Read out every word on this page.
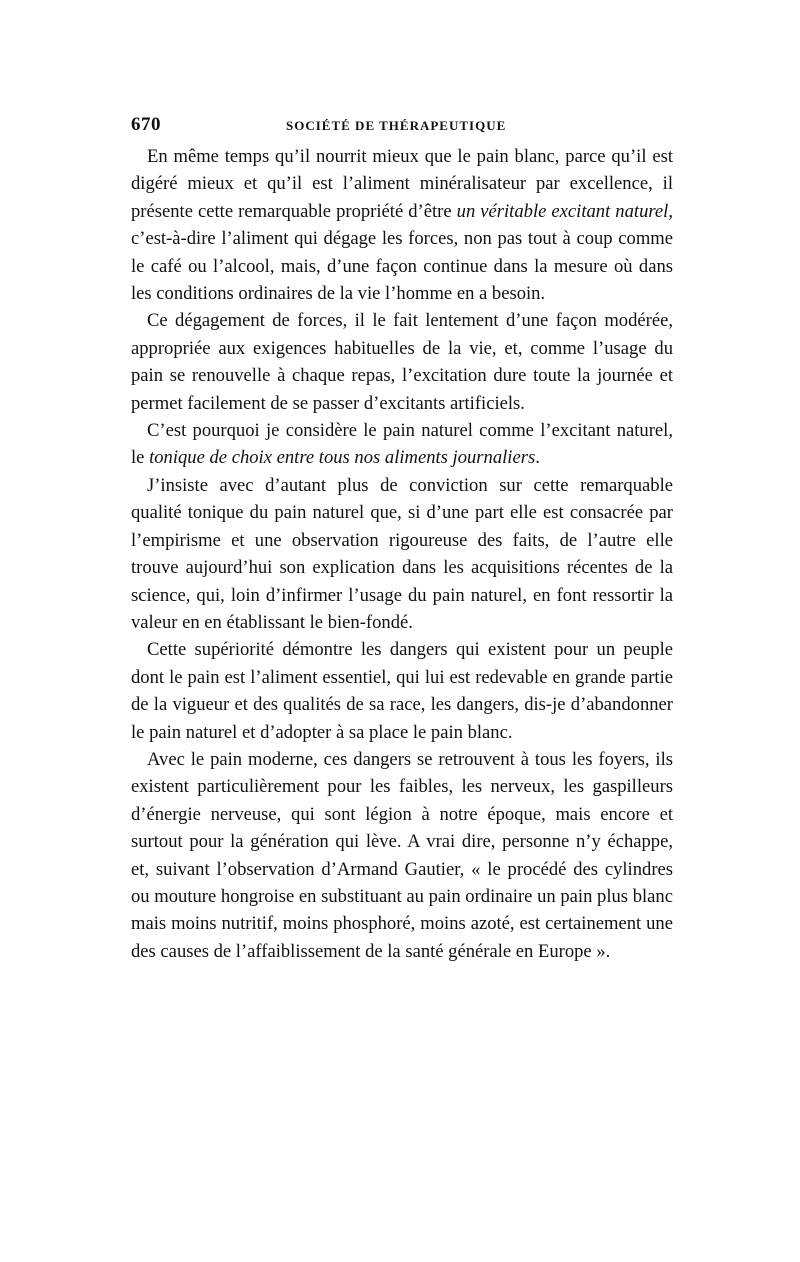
670	SOCIÉTÉ DE THÉRAPEUTIQUE

En même temps qu’il nourrit mieux que le pain blanc, parce qu’il est digéré mieux et qu’il est l’aliment minéralisateur par excellence, il présente cette remarquable propriété d’être un véritable excitant naturel, c’est-à-dire l’aliment qui dégage les forces, non pas tout à coup comme le café ou l’alcool, mais, d’une façon continue dans la mesure où dans les conditions ordinaires de la vie l’homme en a besoin.

Ce dégagement de forces, il le fait lentement d’une façon modérée, appropriée aux exigences habituelles de la vie, et, comme l’usage du pain se renouvelle à chaque repas, l’excitation dure toute la journée et permet facilement de se passer d’excitants artificiels.

C’est pourquoi je considère le pain naturel comme l’excitant naturel, le tonique de choix entre tous nos aliments journaliers.

J’insiste avec d’autant plus de conviction sur cette remarquable qualité tonique du pain naturel que, si d’une part elle est consacrée par l’empirisme et une observation rigoureuse des faits, de l’autre elle trouve aujourd’hui son explication dans les acquisitions récentes de la science, qui, loin d’infirmer l’usage du pain naturel, en font ressortir la valeur en en établissant le bien-fondé.

Cette supériorité démontre les dangers qui existent pour un peuple dont le pain est l’aliment essentiel, qui lui est redevable en grande partie de la vigueur et des qualités de sa race, les dangers, dis-je d’abandonner le pain naturel et d’adopter à sa place le pain blanc.

Avec le pain moderne, ces dangers se retrouvent à tous les foyers, ils existent particulièrement pour les faibles, les nerveux, les gaspilleurs d’énergie nerveuse, qui sont légion à notre époque, mais encore et surtout pour la génération qui lève. A vrai dire, personne n’y échappe, et, suivant l’observation d’Armand Gautier, « le procédé des cylindres ou mouture hongroise en substituant au pain ordinaire un pain plus blanc mais moins nutritif, moins phosphoré, moins azoté, est certainement une des causes de l’affaiblissement de la santé générale en Europe ».
